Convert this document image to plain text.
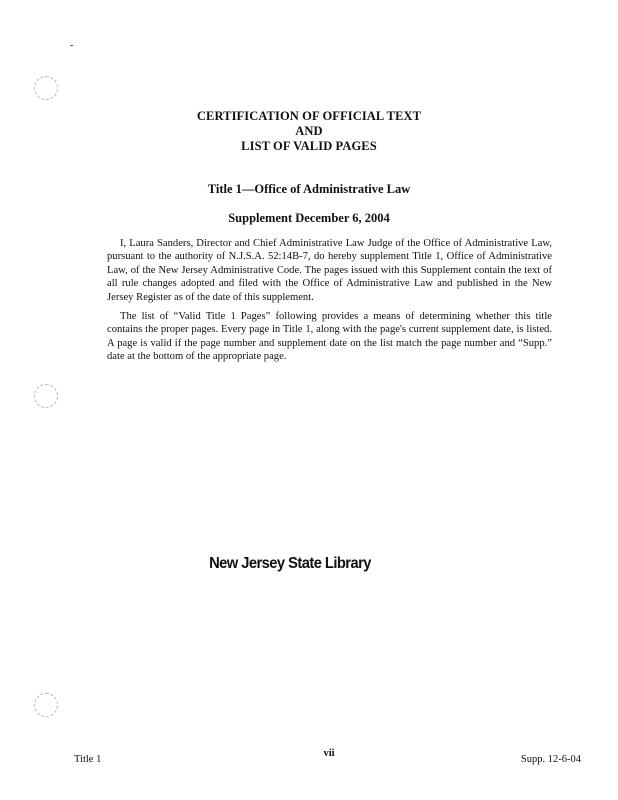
CERTIFICATION OF OFFICIAL TEXT
AND
LIST OF VALID PAGES
Title 1—Office of Administrative Law
Supplement December 6, 2004

I, Laura Sanders, Director and Chief Administrative Law Judge of the Office of Administrative Law, pursuant to the authority of N.J.S.A. 52:14B-7, do hereby supplement Title 1, Office of Administrative Law, of the New Jersey Administrative Code. The pages issued with this Supplement contain the text of all rule changes adopted and filed with the Office of Administrative Law and published in the New Jersey Register as of the date of this supplement.

The list of “Valid Title 1 Pages” following provides a means of determining whether this title contains the proper pages. Every page in Title 1, along with the page's current supplement date, is listed. A page is valid if the page number and supplement date on the list match the page number and “Supp.” date at the bottom of the appropriate page.

New Jersey State Library
Title 1
vii
Supp. 12-6-04
